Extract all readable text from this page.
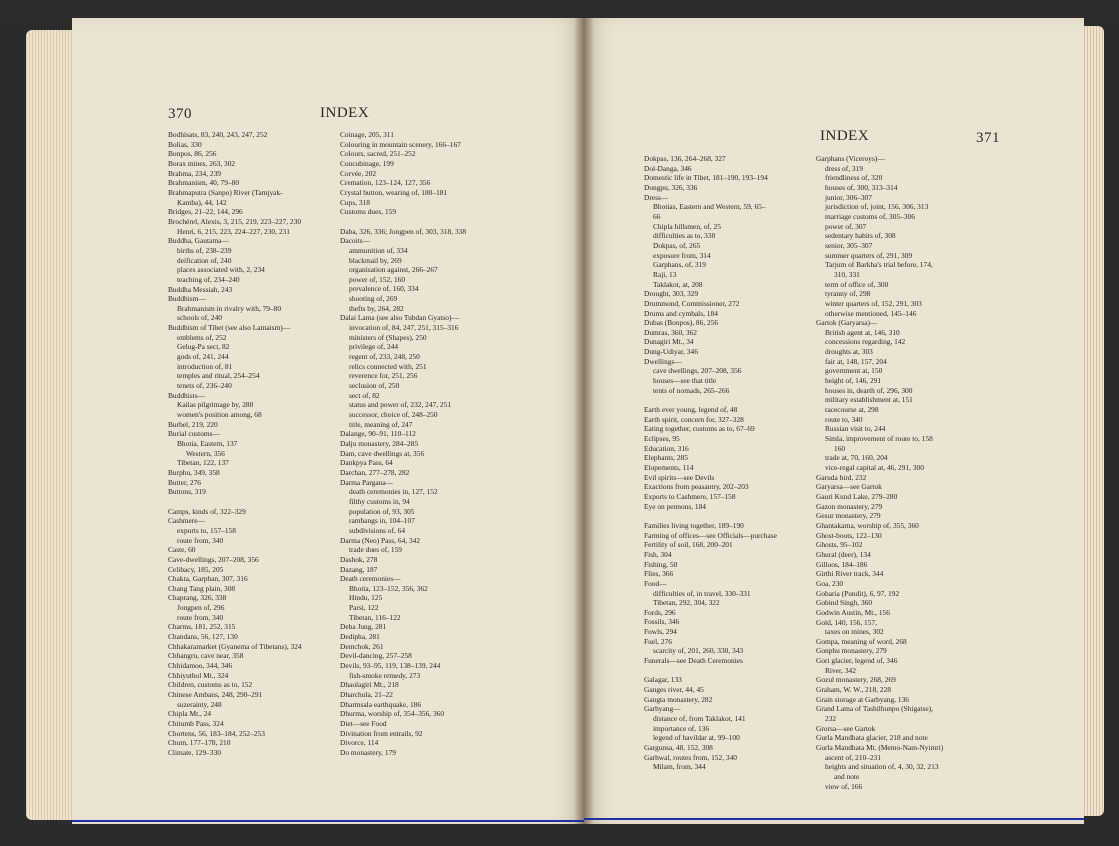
370	INDEX
Bodhisats, 83, 240, 243, 247, 252
Bolias, 330
Bonpos, 86, 256
Borax mines, 263, 302
Brahma, 234, 239
Brahmanism, 40, 79–80
Brahmaputra (Sanpo) River (Tamjyak-
Kamba), 44, 142
Bridges, 21–22, 144, 296
Brochérel, Alexis, 3, 215, 219, 223–227, 230
Henri, 6, 215, 223, 224–227, 230, 231
Buddha, Gautama—
births of, 238–239
deification of, 240
places associated with, 2, 234
teaching of, 234–240
Buddha Messiah, 243
Buddhism—
Brahmanism in rivalry with, 79–80
schools of, 240
Buddhism of Tibet (see also Lamaism)—
emblems of, 252
Gelug-Pa sect, 82
gods of, 241, 244
introduction of, 81
temples and ritual, 254–254
tenets of, 236–240
Buddhists—
Kailas pilgrimage by, 280
women's position among, 68
Burbel, 219, 220
Burial customs—
Bhotia, Eastern, 137
Western, 356
Tibetan, 122, 137
Burphu, 349, 358
Butter, 276
Buttons, 319
Camps, kinds of, 322–329
Cashmere—
exports to, 157–158
route from, 340
Caste, 60
Cave-dwellings, 207–208, 356
Celibacy, 185, 205
Chakta, Garphan, 307, 316
Chang Tang plain, 308
Chaprang, 326, 338
Jongpen of, 296
route from, 340
Charms, 181, 252, 315
Chandans, 56, 127, 130
Chhakaramarket (Gyanema of Tibetans), 324
Chhangru, cave near, 358
Chhidamoo, 344, 346
Chhiyuthol Mt., 324
Children, customs as to, 152
Chinese Ambans, 248, 290–291
suzerainty, 248
Chipla Mt., 24
Chitumb Pass, 324
Chortens, 56, 183–184, 252–253
Chum, 177–178, 210
Climate, 129–330
Coinage, 205, 311
Colouring in mountain scenery, 166–167
Colours, sacred, 251–252
Concubinage, 199
Corvée, 202
Cremation, 123–124, 127, 356
Crystal button, wearing of, 180–181
Cups, 318
Customs dues, 159
Daba, 326, 336; Jongpen of, 303, 318, 338
Dacoits—
ammunition of, 334
blackmail by, 269
organisation against, 266–267
power of, 152, 160
prevalence of, 160, 334
shooting of, 269
thefts by, 264, 282
Dalai Lama (see also Tubdan Gyatso)—
invocation of, 84, 247, 251, 315–316
ministers of (Shapes), 250
privilege of, 244
regent of, 233, 248, 250
relics connected with, 251
reverence for, 251, 256
seclusion of, 250
sect of, 82
status and power of, 232, 247, 251
successor, choice of, 248–250
title, meaning of, 247
Dalange, 90–91, 110–112
Dalju monastery, 284–285
Dam, cave dwellings at, 356
Dankpya Pass, 64
Darchan, 277–278, 282
Darma Pargana—
death ceremonies in, 127, 152
filthy customs in, 94
population of, 93, 305
rambangs in, 104–107
subdivisions of, 64
Darma (Neo) Pass, 64, 342
trade dues of, 159
Dashok, 278
Dazang, 187
Death ceremonies—
Bhotia, 123–152, 356, 362
Hindu, 125
Parsi, 122
Tibetan, 116–122
Deba Jung, 281
Dedipha, 281
Demchok, 261
Devil-dancing, 257–258
Devils, 93–95, 119, 138–139, 244
fish-smoke remedy, 273
Dhaolagiri Mt., 218
Dharchula, 21–22
Dharmsala earthquake, 186
Dhurma, worship of, 354–356, 360
Diet—see Food
Divination from entrails, 92
Divorce, 114
Do monastery, 179
INDEX	371
Dokpas, 136, 264–268, 327
Dol-Danga, 346
Domestic life in Tibet, 181–190, 193–194
Dongpu, 326, 336
Dress—
Bhotias, Eastern and Western, 59, 65–
66
Chipla hillsmen, of, 25
difficulties as to, 330
Dokpas, of, 265
exposure from, 314
Garphans, of, 319
Raji, 13
Taklakot, at, 208
Drought, 303, 329
Drummond, Commissioner, 272
Drums and cymbals, 184
Dubas (Bonpos), 86, 256
Dumras, 360, 362
Dunagiri Mt., 34
Dung-Udiyar, 346
Dwellings—
cave dwellings, 207–208, 356
houses—see that title
tents of nomads, 265–266
Earth ever young, legend of, 48
Earth spirit, concern for, 327–328
Eating together, customs as to, 67–69
Eclipses, 95
Education, 316
Elephants, 285
Elopements, 114
Evil spirits—see Devils
Exactions from peasantry, 202–203
Exports to Cashmere, 157–158
Eye on pennons, 184
Families living together, 189–190
Farming of offices—see Officials—purchase
Fertility of soil, 168, 200–201
Fish, 304
Fishing, 50
Flies, 366
Food—
difficulties of, in travel, 330–331
Tibetan, 292, 304, 322
Fords, 296
Fossils, 346
Fowls, 294
Fuel, 276
scarcity of, 201, 260, 330, 343
Funerals—see Death Ceremonies
Galagar, 133
Ganges river, 44, 45
Gangta monastery, 282
Garbyang—
distance of, from Taklakot, 141
importance of, 136
legend of havildar at, 99–100
Gargunsa, 48, 152, 308
Garhwal, routes from, 152, 340
Milam, from, 344
Garphans (Viceroys)—
dress of, 319
friendliness of, 320
houses of, 300, 313–314
junior, 306–307
jurisdiction of, joint, 156, 306, 313
marriage customs of, 305–306
power of, 307
sedentary habits of, 308
senior, 305–307
summer quarters of, 291, 309
Tarjum of Barkha's trial before, 174,
310, 331
term of office of, 300
tyranny of, 298
winter quarters of, 152, 291, 303
otherwise mentioned, 145–146
Gartok (Garyarsa)—
British agent at, 146, 310
concessions regarding, 142
droughts at, 303
fair at, 148, 157, 204
government at, 150
height of, 146, 291
houses in, dearth of, 296, 300
military establishment at, 151
racecourse at, 298
route to, 340
Russian visit to, 244
Simla, improvement of route to, 158
160
trade at, 70, 160, 204
vice-regal capital at, 46, 291, 300
Garuda bird, 232
Garyarsa—see Gartok
Gauri Kund Lake, 279–280
Gazon monastery, 279
Gesur monastery, 279
Ghantakarna, worship of, 355, 360
Ghost-boots, 122–130
Ghosts, 95–102
Ghural (deer), 134
Gilloos, 184–186
Girthi River track, 344
Goa, 230
Gobaria (Pundit), 6, 97, 192
Gobind Singh, 360
Godwin Austin, Mt., 156
Gold, 140, 156, 157,
taxes on mines, 302
Gompa, meaning of word, 268
Gonphu monastery, 279
Gori glacier, legend of, 346
River, 342
Gozul monastery, 268, 269
Graham, W. W., 218, 228
Grain storage at Garbyang, 136
Grand Lama of Tashilhunpo (Shigatse),
232
Grorsa—see Gartok
Gurla Mandhata glacier, 218 and note
Gurla Mandhata Mt. (Memo-Nam-Nyimri)
ascent of, 210–231
heights and situation of, 4, 30, 32, 213
and note
view of, 166
